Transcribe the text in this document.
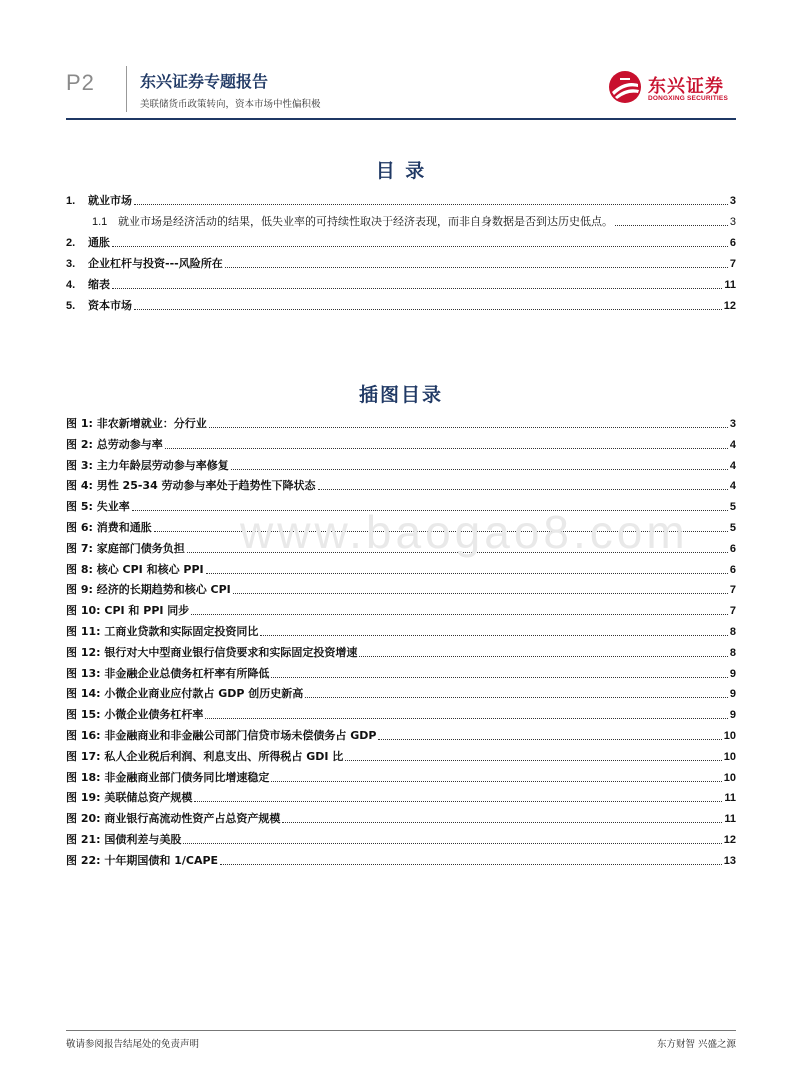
P2	东兴证券专题报告
美联储货币政策转向，资本市场中性偏积极
东兴证券
DONGXING SECURITIES
目 录
1. 就业市场	3
1.1 就业市场是经济活动的结果，低失业率的可持续性取决于经济表现，而非自身数据是否到达历史低点。	3
2. 通胀	6
3. 企业杠杆与投资---风险所在	7
4. 缩表	11
5. 资本市场	12
插图目录
图 1: 非农新增就业：分行业	3
图 2: 总劳动参与率	4
图 3: 主力年龄层劳动参与率修复	4
图 4: 男性 25-34 劳动参与率处于趋势性下降状态	4
图 5: 失业率	5
图 6: 消费和通胀	5
图 7: 家庭部门债务负担	6
图 8: 核心 CPI 和核心 PPI	6
图 9: 经济的长期趋势和核心 CPI	7
图 10: CPI 和 PPI 同步	7
图 11: 工商业贷款和实际固定投资同比	8
图 12: 银行对大中型商业银行信贷要求和实际固定投资增速	8
图 13: 非金融企业总债务杠杆率有所降低	9
图 14: 小微企业商业应付款占 GDP 创历史新高	9
图 15: 小微企业债务杠杆率	9
图 16: 非金融商业和非金融公司部门信贷市场未偿债务占 GDP	10
图 17: 私人企业税后利润、利息支出、所得税占 GDI 比	10
图 18: 非金融商业部门债务同比增速稳定	10
图 19: 美联储总资产规模	11
图 20: 商业银行高流动性资产占总资产规模	11
图 21: 国债利差与美股	12
图 22: 十年期国债和 1/CAPE	13
www.baogao8.com
敬请参阅报告结尾处的免责声明	东方财智 兴盛之源
